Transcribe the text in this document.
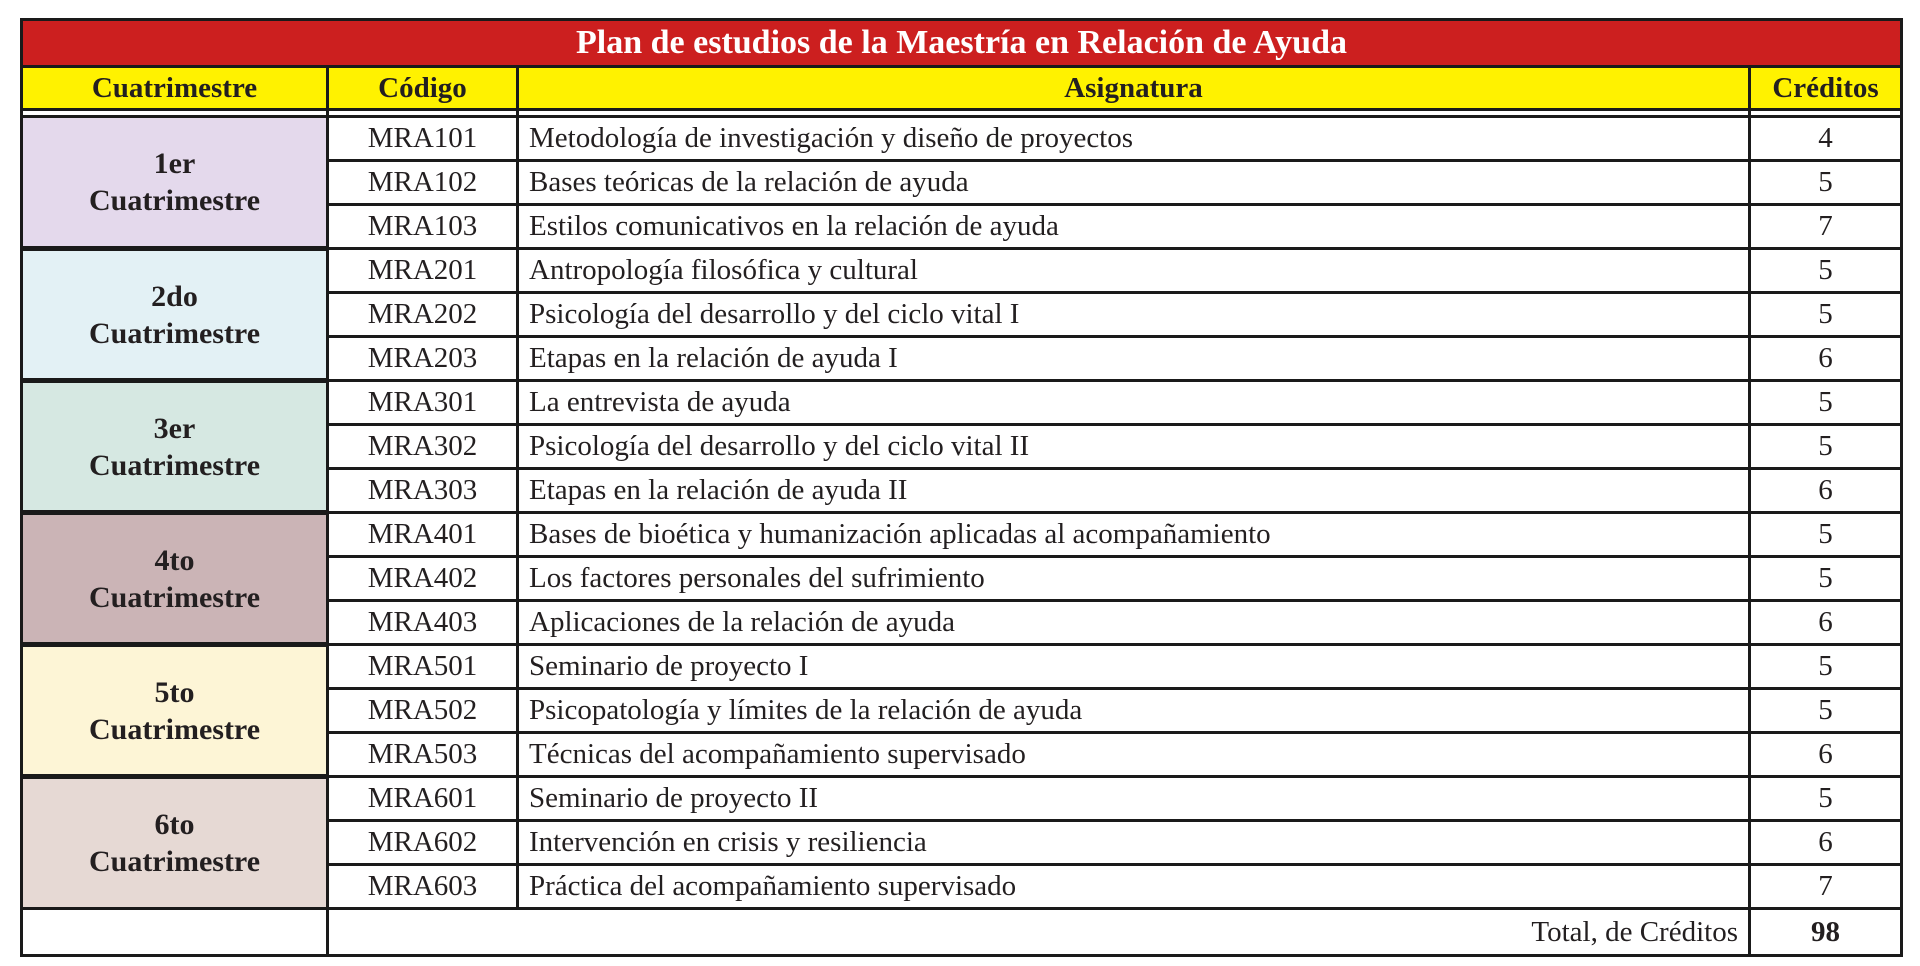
Plan de estudios de la Maestría en Relación de Ayuda			
Cuatrimestre	Código	Asignatura	Créditos

1er
Cuatrimestre	MRA101	Metodología de investigación y diseño de proyectos	4
	MRA102	Bases teóricas de la relación de ayuda	5
	MRA103	Estilos comunicativos en la relación de ayuda	7

2do
Cuatrimestre	MRA201	Antropología filosófica y cultural	5
	MRA202	Psicología del desarrollo y del ciclo vital I	5
	MRA203	Etapas en la relación de ayuda I	6

3er
Cuatrimestre	MRA301	La entrevista de ayuda	5
	MRA302	Psicología del desarrollo y del ciclo vital II	5
	MRA303	Etapas en la relación de ayuda II	6

4to
Cuatrimestre	MRA401	Bases de bioética y humanización aplicadas al acompañamiento	5
	MRA402	Los factores personales del sufrimiento	5
	MRA403	Aplicaciones de la relación de ayuda	6

5to
Cuatrimestre	MRA501	Seminario de proyecto I	5
	MRA502	Psicopatología y límites de la relación de ayuda	5
	MRA503	Técnicas del acompañamiento supervisado	6

6to
Cuatrimestre	MRA601	Seminario de proyecto II	5
	MRA602	Intervención en crisis y resiliencia	6
	MRA603	Práctica del acompañamiento supervisado	7
	Total, de Créditos		98
